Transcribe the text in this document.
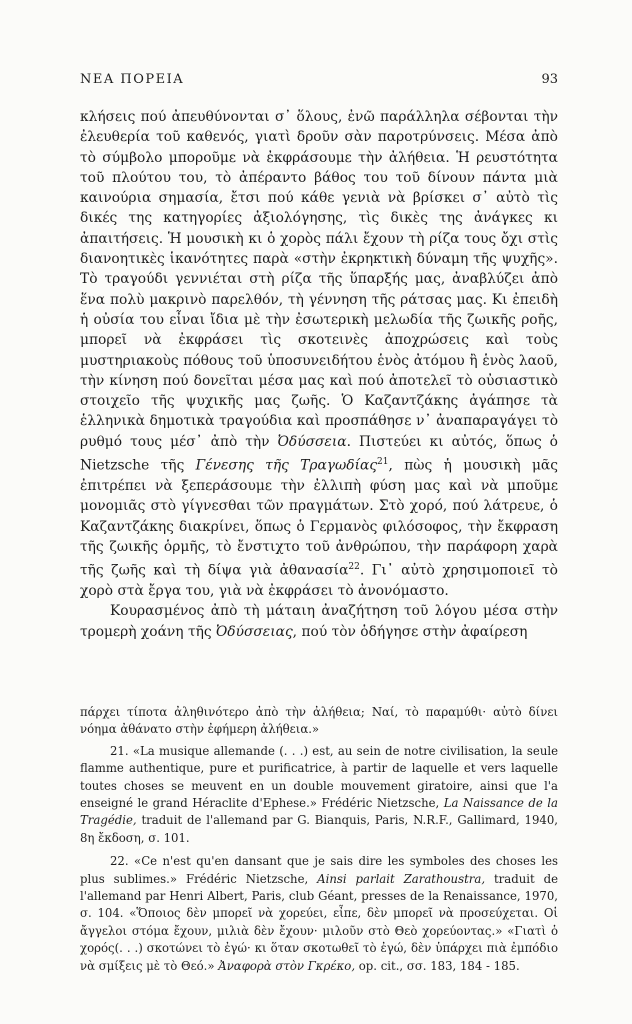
ΝΕΑ ΠΟΡΕΙΑ	93

κλήσεις πού ἀπευθύνονται σ᾿ ὅλους, ἐνῶ παράλληλα σέβονται τὴν ἐλευθερία τοῦ καθενός, γιατὶ δροῦν σὰν παροτρύνσεις. Μέσα ἀπὸ τὸ σύμβολο μποροῦμε νὰ ἐκφράσουμε τὴν ἀλήθεια. Ἡ ρευστότητα τοῦ πλούτου του, τὸ ἀπέραντο βάθος του τοῦ δίνουν πάντα μιὰ καινούρια σημασία, ἔτσι πού κάθε γενιὰ νὰ βρίσκει σ᾿ αὐτὸ τὶς δικές της κατηγορίες ἀξιολόγησης, τὶς δικὲς της ἀνάγκες κι ἀπαιτήσεις. Ἡ μουσικὴ κι ὁ χορὸς πάλι ἔχουν τὴ ρίζα τους ὄχι στὶς διανοητικὲς ἱκανότητες παρὰ «στὴν ἐκρηκτικὴ δύναμη τῆς ψυχῆς». Τὸ τραγούδι γεννιέται στὴ ρίζα τῆς ὕπαρξής μας, ἀναβλύζει ἀπὸ ἕνα πολὺ μακρινὸ παρελθόν, τὴ γέννηση τῆς ράτσας μας. Κι ἐπειδὴ ἡ οὐσία του εἶναι ἴδια μὲ τὴν ἐσωτερικὴ μελωδία τῆς ζωικῆς ροῆς, μπορεῖ νὰ ἐκφράσει τὶς σκοτεινὲς ἀποχρώσεις καὶ τοὺς μυστηριακοὺς πόθους τοῦ ὑποσυνειδήτου ἑνὸς ἀτόμου ἢ ἑνὸς λαοῦ, τὴν κίνηση πού δονεῖται μέσα μας καὶ πού ἀποτελεῖ τὸ οὐσιαστικὸ στοιχεῖο τῆς ψυχικῆς μας ζωῆς. Ὁ Καζαντζάκης ἀγάπησε τὰ ἑλληνικὰ δημοτικὰ τραγούδια καὶ προσπάθησε ν᾿ ἀναπαραγάγει τὸ ρυθμό τους μέσ᾿ ἀπὸ τὴν Ὀδύσσεια. Πιστεύει κι αὐτός, ὅπως ὁ Nietzsche τῆς Γένεσης τῆς Τραγωδίας$^{21}$, πὼς ἡ μουσικὴ μᾶς ἐπιτρέπει νὰ ξεπεράσουμε τὴν ἐλλιπὴ φύση μας καὶ νὰ μποῦμε μονομιᾶς στὸ γίγνεσθαι τῶν πραγμάτων. Στὸ χορό, πού λάτρευε, ὁ Καζαντζάκης διακρίνει, ὅπως ὁ Γερμανὸς φιλόσοφος, τὴν ἔκφραση τῆς ζωικῆς ὁρμῆς, τὸ ἔνστιχτο τοῦ ἀνθρώπου, τὴν παράφορη χαρὰ τῆς ζωῆς καὶ τὴ δίψα γιὰ ἀθανασία$^{22}$. Γι᾿ αὐτὸ χρησιμοποιεῖ τὸ χορὸ στὰ ἔργα του, γιὰ νὰ ἐκφράσει τὸ ἀνονόμαστο.

Κουρασμένος ἀπὸ τὴ μάταιη ἀναζήτηση τοῦ λόγου μέσα στὴν τρομερὴ χοάνη τῆς Ὀδύσσειας, πού τὸν ὁδήγησε στὴν ἀφαίρεση

πάρχει τίποτα ἀληθινότερο ἀπὸ τὴν ἀλήθεια; Ναί, τὸ παραμύθι· αὐτὸ δίνει νόημα ἀθάνατο στὴν ἐφήμερη ἀλήθεια.»

21. «La musique allemande (. . .) est, au sein de notre civilisation, la seule flamme authentique, pure et purificatrice, à partir de laquelle et vers laquelle toutes choses se meuvent en un double mouvement giratoire, ainsi que l'a enseigné le grand Héraclite d'Ephese.» Frédéric Nietzsche, La Naissance de la Tragédie, traduit de l'allemand par G. Bianquis, Paris, N.R.F., Gallimard, 1940, 8η ἔκδοση, σ. 101.

22. «Ce n'est qu'en dansant que je sais dire les symboles des choses les plus sublimes.» Frédéric Nietzsche, Ainsi parlait Zarathoustra, traduit de l'allemand par Henri Albert, Paris, club Géant, presses de la Renaissance, 1970, σ. 104. «Ὅποιος δὲν μπορεῖ νὰ χορεύει, εἶπε, δὲν μπορεῖ νὰ προσεύχεται. Οἱ ἄγγελοι στόμα ἔχουν, μιλιὰ δὲν ἔχουν· μιλοῦν στὸ Θεὸ χορεύοντας.» «Γιατὶ ὁ χορός(. . .) σκοτώνει τὸ ἐγώ· κι ὅταν σκοτωθεῖ τὸ ἐγώ, δὲν ὑπάρχει πιὰ ἐμπόδιο νὰ σμίξεις μὲ τὸ Θεό.» Ἀναφορὰ στὸν Γκρέκο, op. cit., σσ. 183, 184 - 185.
